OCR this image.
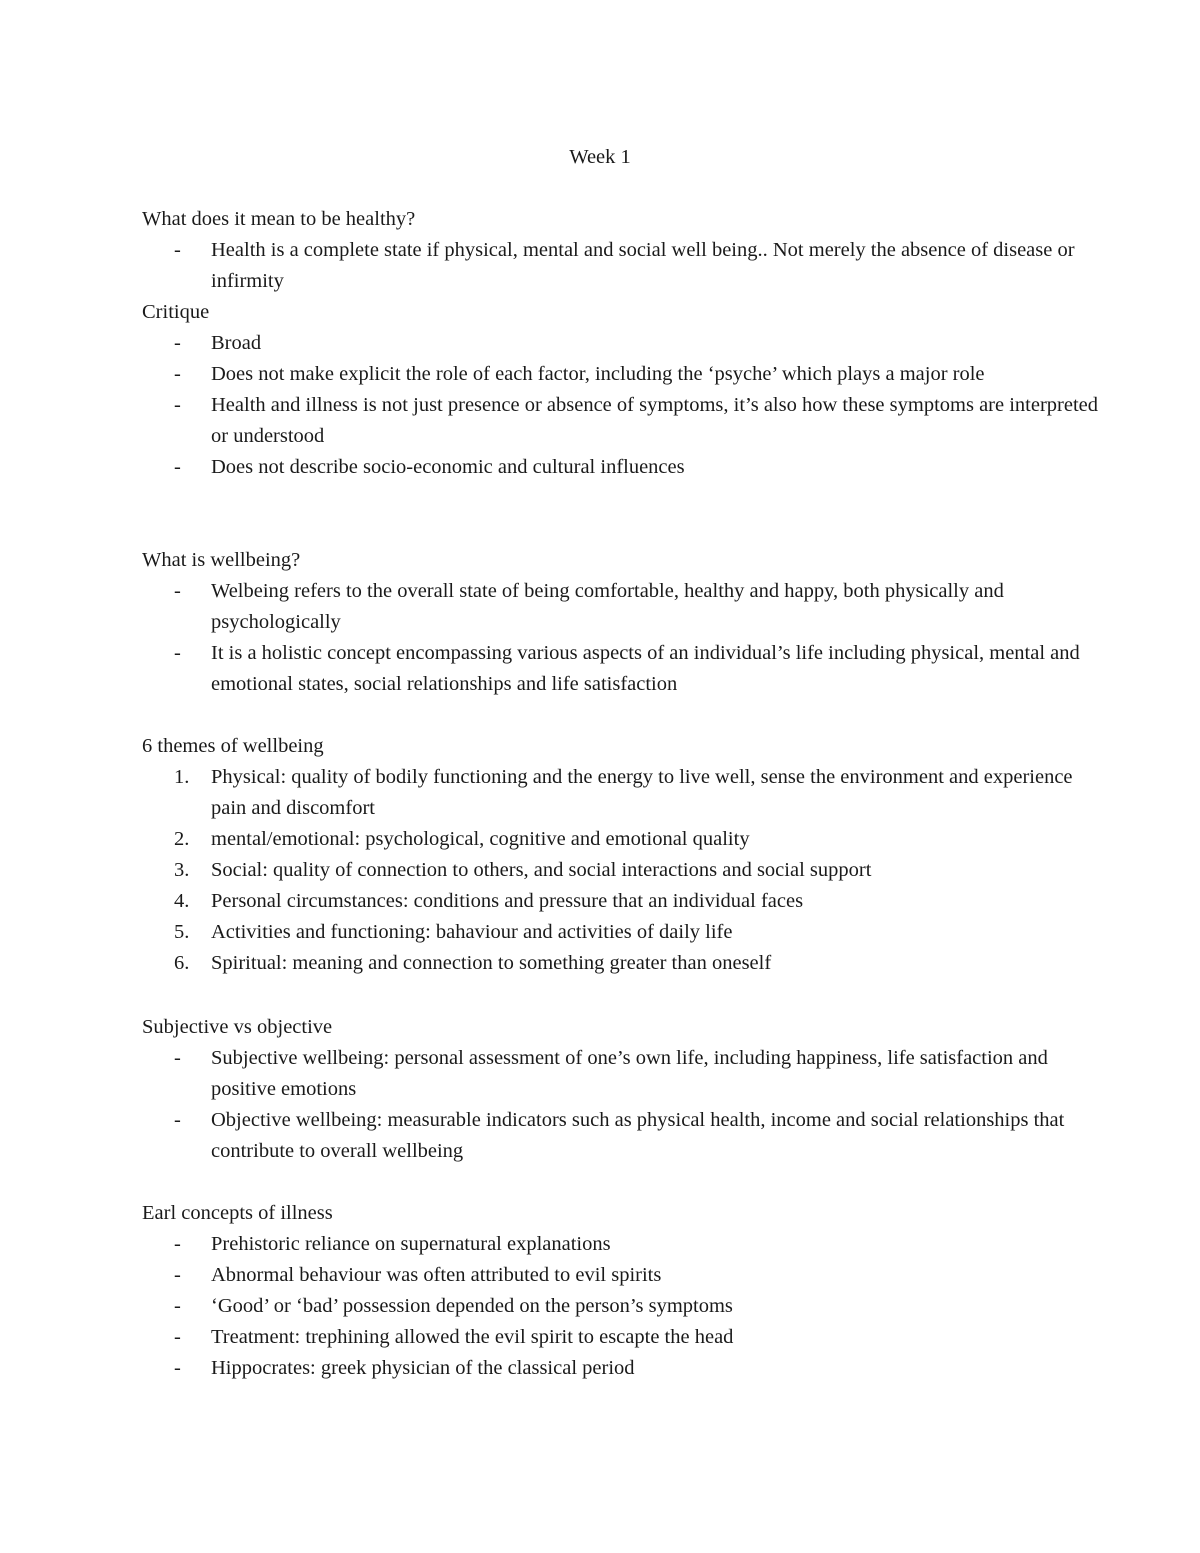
Week 1
What does it mean to be healthy?
- Health is a complete state if physical, mental and social well being.. Not merely the absence of disease or infirmity
Critique
- Broad
- Does not make explicit the role of each factor, including the ‘psyche’ which plays a major role
- Health and illness is not just presence or absence of symptoms, it’s also how these symptoms are interpreted or understood
- Does not describe socio-economic and cultural influences
What is wellbeing?
- Welbeing refers to the overall state of being comfortable, healthy and happy, both physically and psychologically
- It is a holistic concept encompassing various aspects of an individual’s life including physical, mental and emotional states, social relationships and life satisfaction
6 themes of wellbeing
1. Physical: quality of bodily functioning and the energy to live well, sense the environment and experience pain and discomfort
2. mental/emotional: psychological, cognitive and emotional quality
3. Social: quality of connection to others, and social interactions and social support
4. Personal circumstances: conditions and pressure that an individual faces
5. Activities and functioning: bahaviour and activities of daily life
6. Spiritual: meaning and connection to something greater than oneself
Subjective vs objective
- Subjective wellbeing: personal assessment of one’s own life, including happiness, life satisfaction and positive emotions
- Objective wellbeing: measurable indicators such as physical health, income and social relationships that contribute to overall wellbeing
Earl concepts of illness
- Prehistoric reliance on supernatural explanations
- Abnormal behaviour was often attributed to evil spirits
- ‘Good’ or ‘bad’ possession depended on the person’s symptoms
- Treatment: trephining allowed the evil spirit to escapte the head
- Hippocrates: greek physician of the classical period
